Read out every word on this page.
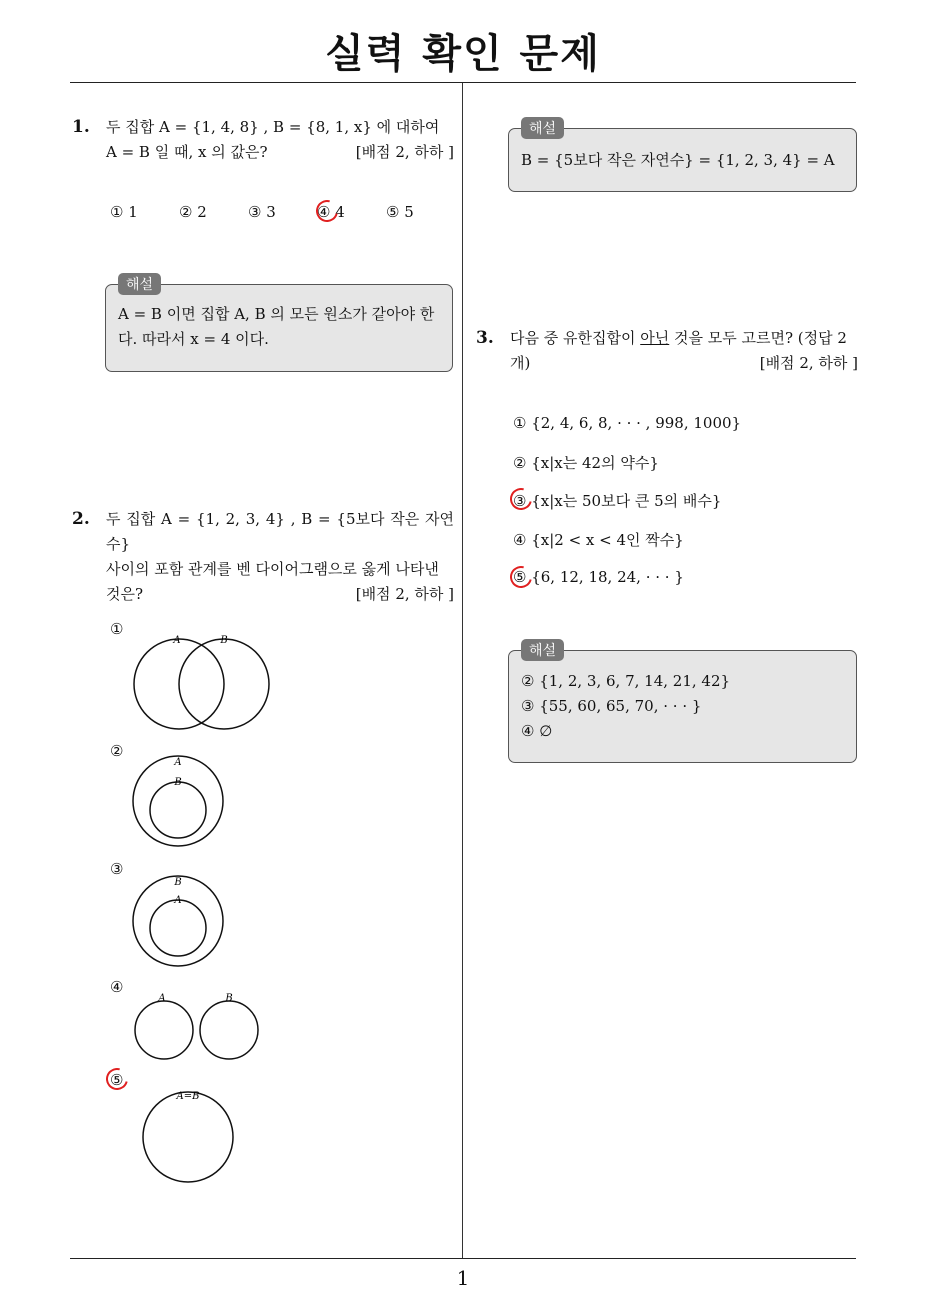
실력 확인 문제
1
1. 두 집합 A = {1, 4, 8} , B = {8, 1, x} 에 대하여
A = B 일 때, x 의 값은?	[배점 2, 하하 ]
① 1	② 2	③ 3	④ 4	⑤ 5
해설
A = B 이면 집합 A, B 의 모든 원소가 같아야 한
다. 따라서 x = 4 이다.
2. 두 집합 A = {1, 2, 3, 4} , B = {5보다 작은 자연수}
사이의 포함 관계를 벤 다이어그램으로 옳게 나타낸
것은?	[배점 2, 하하 ]
①
A	B
②
A
B
③
B
A
④
A	B
⑤
A=B
해설
B = {5보다 작은 자연수} = {1, 2, 3, 4} = A
3. 다음 중 유한집합이 아닌 것을 모두 고르면? (정답 2
개)	[배점 2, 하하 ]
① {2, 4, 6, 8, · · · , 998, 1000}
② {x|x는 42의 약수}
③ {x|x는 50보다 큰 5의 배수}
④ {x|2 < x < 4인 짝수}
⑤ {6, 12, 18, 24, · · · }
해설
② {1, 2, 3, 6, 7, 14, 21, 42}
③ {55, 60, 65, 70, · · · }
④ ∅
